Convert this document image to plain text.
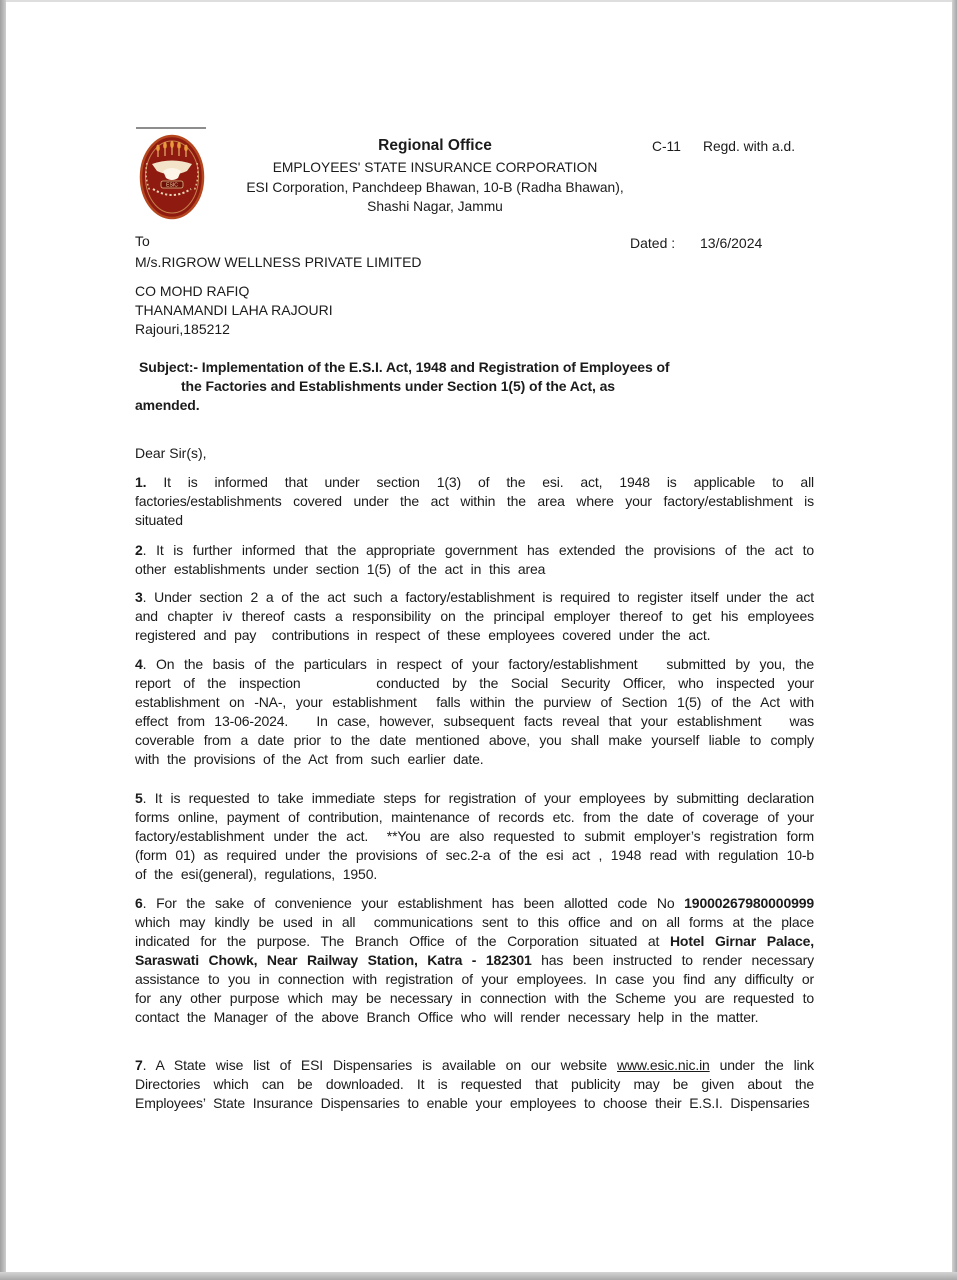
ESIC
Regional Office
EMPLOYEES' STATE INSURANCE CORPORATION
ESI Corporation, Panchdeep Bhawan, 10-B (Radha Bhawan),
Shashi Nagar, Jammu
C-11 Regd. with a.d.
To	Dated : 13/6/2024
M/s.RIGROW WELLNESS PRIVATE LIMITED
CO MOHD RAFIQ
THANAMANDI LAHA RAJOURI
Rajouri,185212
Subject:- Implementation of the E.S.I. Act, 1948 and Registration of Employees of
the Factories and Establishments under Section 1(5) of the Act, as
amended.
Dear Sir(s),
1. It is informed that under section 1(3) of the esi. act, 1948 is applicable to all factories/establishments covered under the act within the area where your factory/establishment is situated
2. It is further informed that the appropriate government has extended the provisions of the act to other establishments under section 1(5) of the act in this area
3. Under section 2 a of the act such a factory/establishment is required to register itself under the act and chapter iv thereof casts a responsibility on the principal employer thereof to get his employees registered and pay  contributions in respect of these employees covered under the act.
4. On the basis of the particulars in respect of your factory/establishment   submitted by you, the report of the inspection      conducted by the Social Security Officer, who inspected your establishment on -NA-, your establishment  falls within the purview of Section 1(5) of the Act with effect from 13-06-2024.   In case, however, subsequent facts reveal that your establishment   was coverable from a date prior to the date mentioned above, you shall make yourself liable to comply with the provisions of the Act from such earlier date.
5. It is requested to take immediate steps for registration of your employees by submitting declaration forms online, payment of contribution, maintenance of records etc. from the date of coverage of your factory/establishment under the act.  **You are also requested to submit employer’s registration form (form 01) as required under the provisions of sec.2-a of the esi act , 1948 read with regulation 10-b of the esi(general), regulations, 1950.
6. For the sake of convenience your establishment has been allotted code No 19000267980000999 which may kindly be used in all  communications sent to this office and on all forms at the place indicated for the purpose. The Branch Office of the Corporation situated at Hotel Girnar Palace, Saraswati Chowk, Near Railway Station, Katra - 182301 has been instructed to render necessary assistance to you in connection with registration of your employees. In case you find any difficulty or for any other purpose which may be necessary in connection with the Scheme you are requested to contact the Manager of the above Branch Office who will render necessary help in the matter.
7. A State wise list of ESI Dispensaries is available on our website www.esic.nic.in under the link Directories which can be downloaded. It is requested that publicity may be given about the Employees’ State Insurance Dispensaries to enable your employees to choose their E.S.I. Dispensaries
